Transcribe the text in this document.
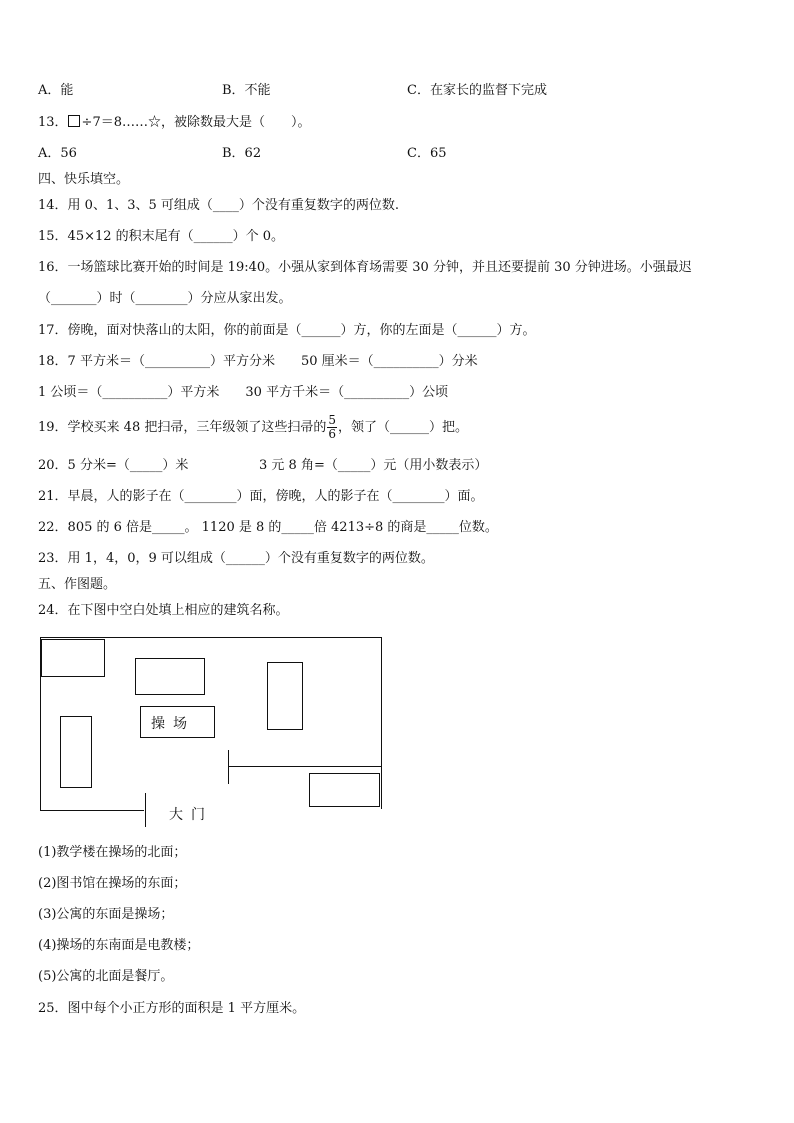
A．能	B．不能	C．在家长的监督下完成
13． ÷7＝8……☆，被除数最大是（　　）。
A．56	B．62	C．65
四、快乐填空。
14．用 0、1、3、5 可组成（____）个没有重复数字的两位数.
15．45×12 的积末尾有（______）个 0。
16．一场篮球比赛开始的时间是 19:40。小强从家到体育场需要 30 分钟，并且还要提前 30 分钟进场。小强最迟
（_______）时（________）分应从家出发。
17．傍晚，面对快落山的太阳，你的前面是（______）方，你的左面是（______）方。
18．7 平方米＝（__________）平方分米　　50 厘米＝（__________）分米
1 公顷＝（__________）平方米　　30 平方千米＝（__________）公顷
19．学校买来 48 把扫帚，三年级领了这些扫帚的 $\frac{5}{6}$ ，领了（______）把。
20．5 分米=（_____）米	3 元 8 角=（_____）元（用小数表示）
21．早晨，人的影子在（________）面，傍晚，人的影子在（________）面。
22．805 的 6 倍是_____。 1120 是 8 的_____倍 4213÷8 的商是_____位数。
23．用 1，4，0，9 可以组成（______）个没有重复数字的两位数。
五、作图题。
24．在下图中空白处填上相应的建筑名称。
操场
大门
(1)教学楼在操场的北面；
(2)图书馆在操场的东面；
(3)公寓的东面是操场；
(4)操场的东南面是电教楼；
(5)公寓的北面是餐厅。
25．图中每个小正方形的面积是 1 平方厘米。
